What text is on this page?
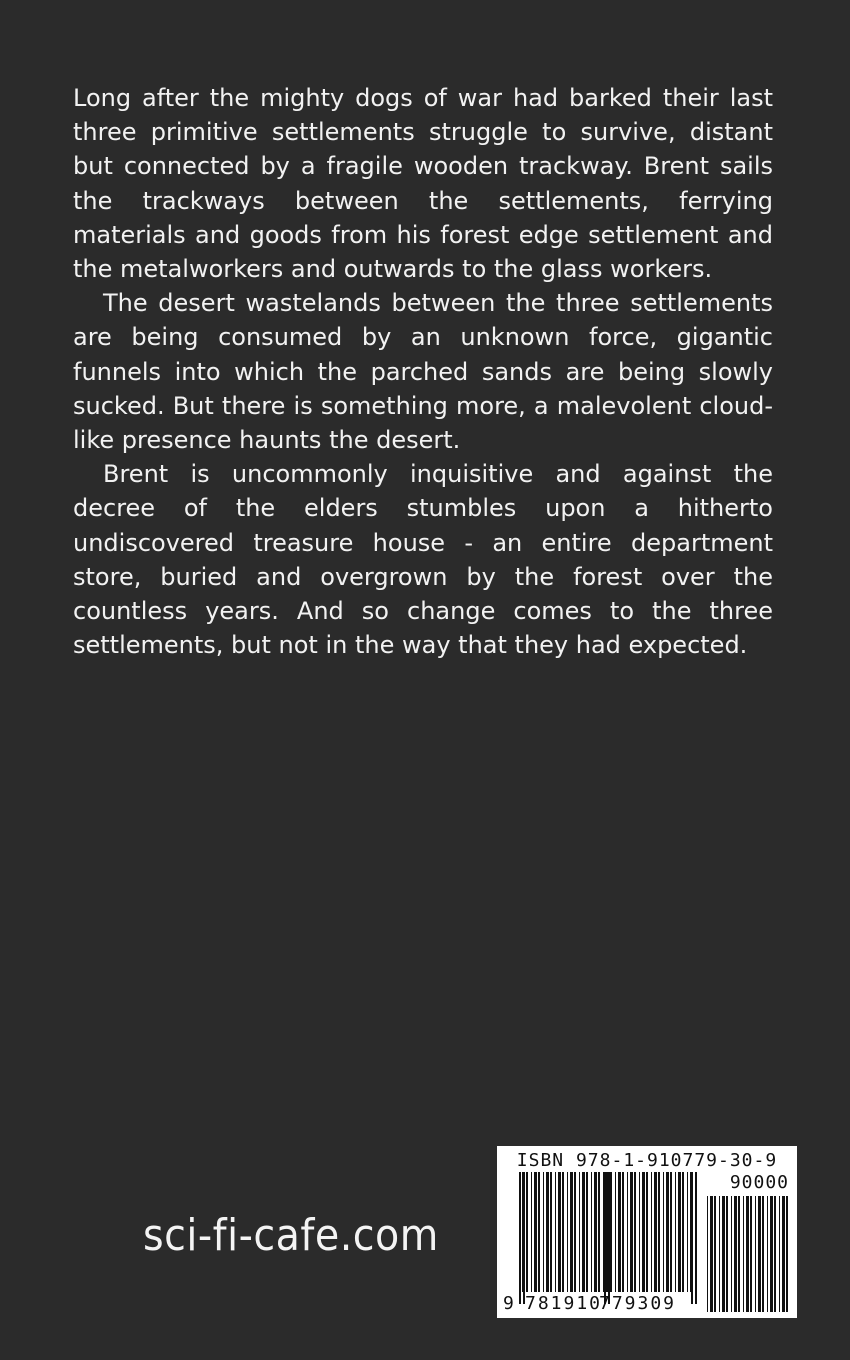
Long after the mighty dogs of war had barked their last three primitive settlements struggle to survive, distant but connected by a fragile wooden trackway. Brent sails the trackways between the settlements, ferrying materials and goods from his forest edge settlement and the metalworkers and outwards to the glass workers.

The desert wastelands between the three settlements are being consumed by an unknown force, gigantic funnels into which the parched sands are being slowly sucked. But there is something more, a malevolent cloud-like presence haunts the desert.

Brent is uncommonly inquisitive and against the decree of the elders stumbles upon a hitherto undiscovered treasure house - an entire department store, buried and overgrown by the forest over the countless years. And so change comes to the three settlements, but not in the way that they had expected.

sci-fi-cafe.com
ISBN 978-1-910779-30-9
90000
9 781910
779309
